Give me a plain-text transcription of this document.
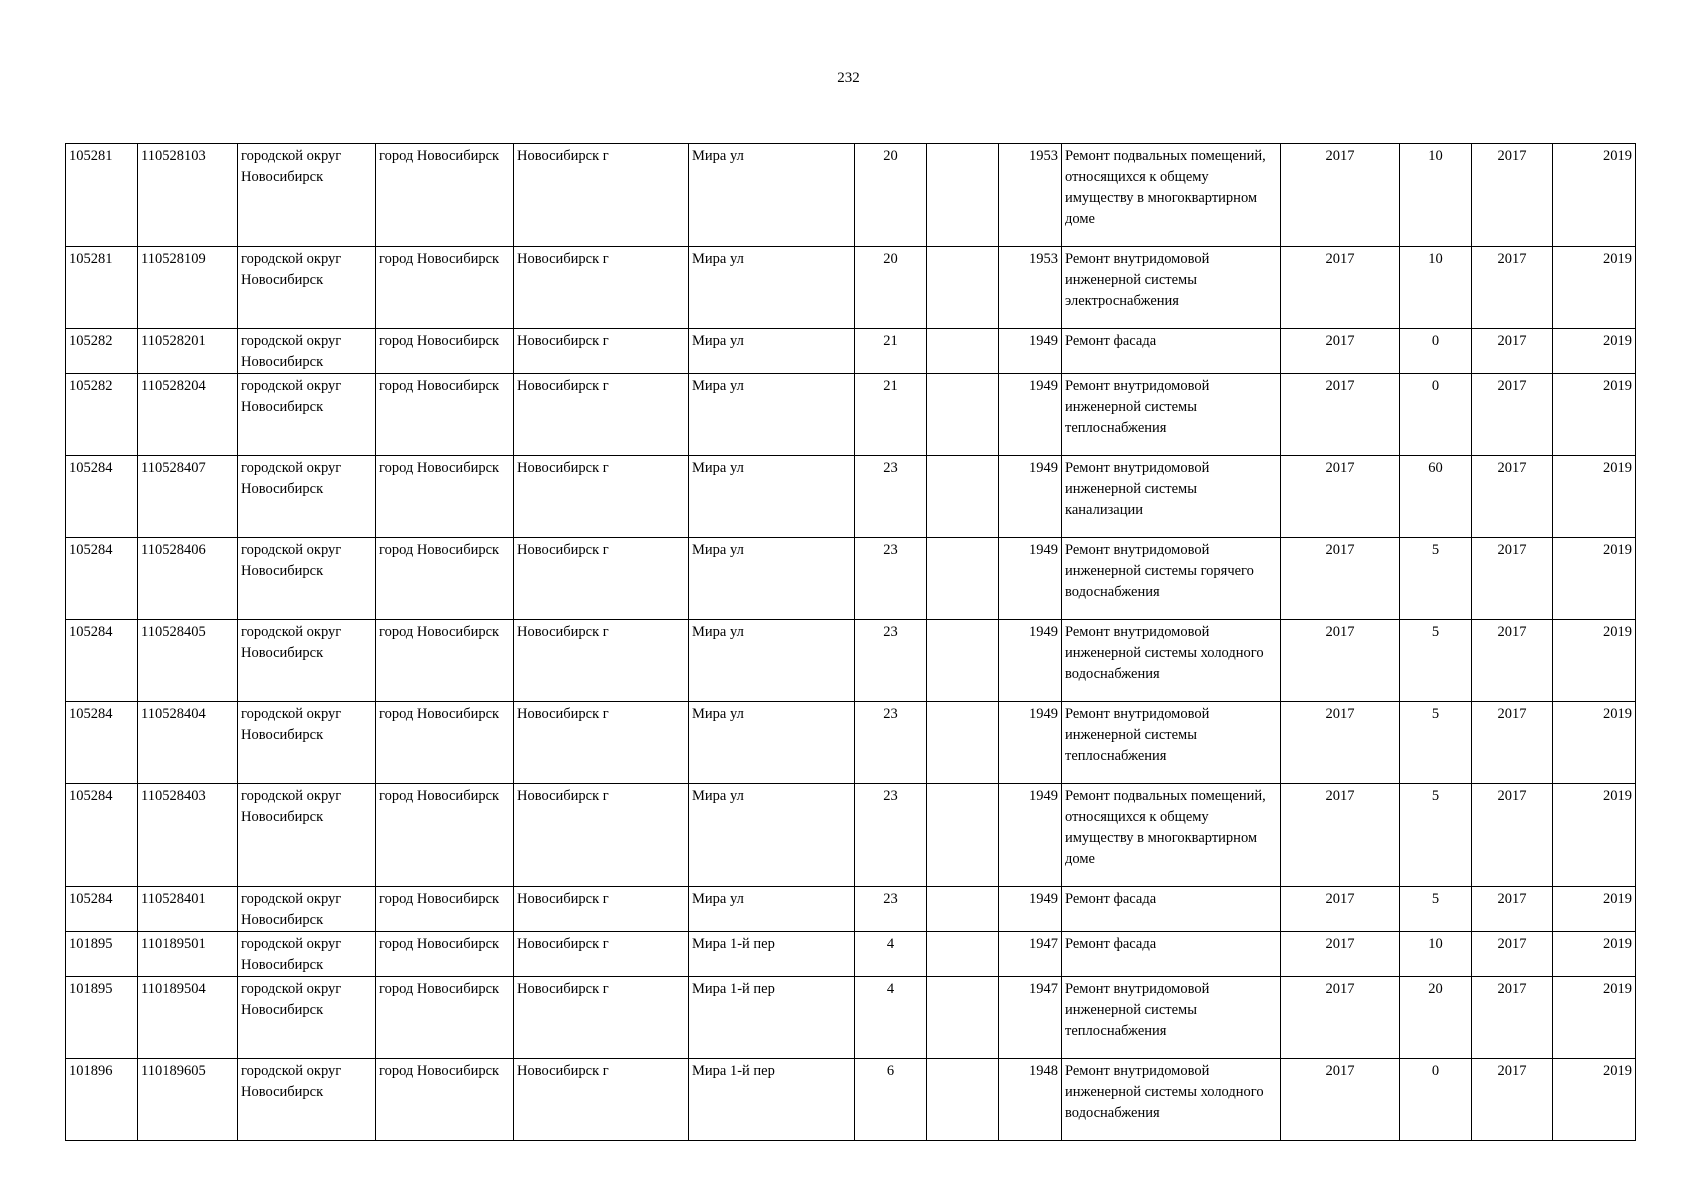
232
105281	110528103	городской округ Новосибирск	город Новосибирск	Новосибирск г	Мира ул	20		1953	Ремонт подвальных помещений, относящихся к общему имуществу в многоквартирном доме	2017	10	2017	2019
105281	110528109	городской округ Новосибирск	город Новосибирск	Новосибирск г	Мира ул	20		1953	Ремонт внутридомовой инженерной системы электроснабжения	2017	10	2017	2019
105282	110528201	городской округ Новосибирск	город Новосибирск	Новосибирск г	Мира ул	21		1949	Ремонт фасада	2017	0	2017	2019
105282	110528204	городской округ Новосибирск	город Новосибирск	Новосибирск г	Мира ул	21		1949	Ремонт внутридомовой инженерной системы теплоснабжения	2017	0	2017	2019
105284	110528407	городской округ Новосибирск	город Новосибирск	Новосибирск г	Мира ул	23		1949	Ремонт внутридомовой инженерной системы канализации	2017	60	2017	2019
105284	110528406	городской округ Новосибирск	город Новосибирск	Новосибирск г	Мира ул	23		1949	Ремонт внутридомовой инженерной системы горячего водоснабжения	2017	5	2017	2019
105284	110528405	городской округ Новосибирск	город Новосибирск	Новосибирск г	Мира ул	23		1949	Ремонт внутридомовой инженерной системы холодного водоснабжения	2017	5	2017	2019
105284	110528404	городской округ Новосибирск	город Новосибирск	Новосибирск г	Мира ул	23		1949	Ремонт внутридомовой инженерной системы теплоснабжения	2017	5	2017	2019
105284	110528403	городской округ Новосибирск	город Новосибирск	Новосибирск г	Мира ул	23		1949	Ремонт подвальных помещений, относящихся к общему имуществу в многоквартирном доме	2017	5	2017	2019
105284	110528401	городской округ Новосибирск	город Новосибирск	Новосибирск г	Мира ул	23		1949	Ремонт фасада	2017	5	2017	2019
101895	110189501	городской округ Новосибирск	город Новосибирск	Новосибирск г	Мира 1-й пер	4		1947	Ремонт фасада	2017	10	2017	2019
101895	110189504	городской округ Новосибирск	город Новосибирск	Новосибирск г	Мира 1-й пер	4		1947	Ремонт внутридомовой инженерной системы теплоснабжения	2017	20	2017	2019
101896	110189605	городской округ Новосибирск	город Новосибирск	Новосибирск г	Мира 1-й пер	6		1948	Ремонт внутридомовой инженерной системы холодного водоснабжения	2017	0	2017	2019
